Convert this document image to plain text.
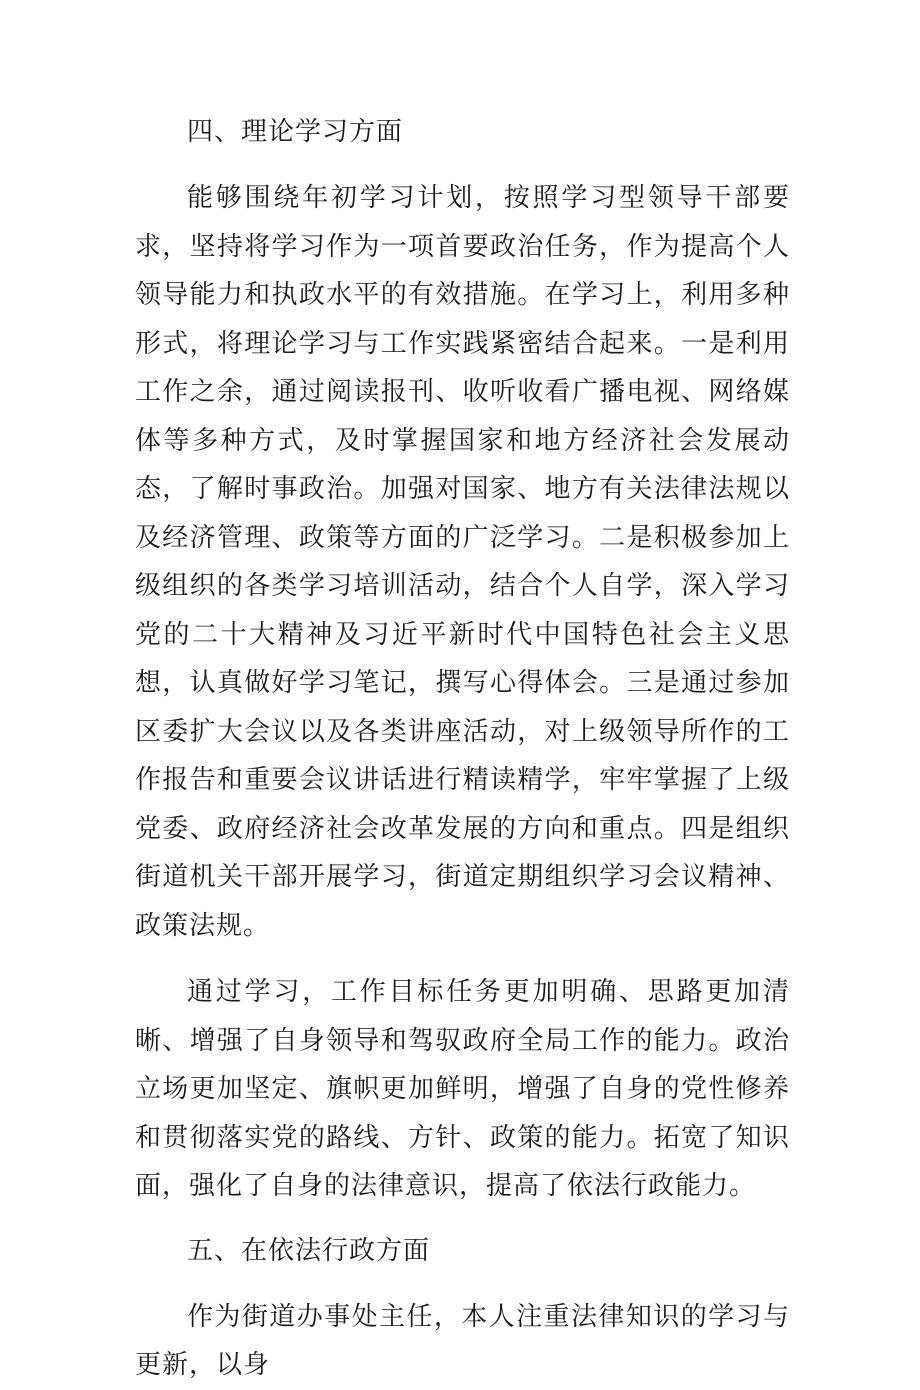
四、理论学习方面

能够围绕年初学习计划，按照学习型领导干部要求，坚持将学习作为一项首要政治任务，作为提高个人领导能力和执政水平的有效措施。在学习上，利用多种形式，将理论学习与工作实践紧密结合起来。一是利用工作之余，通过阅读报刊、收听收看广播电视、网络媒体等多种方式，及时掌握国家和地方经济社会发展动态，了解时事政治。加强对国家、地方有关法律法规以及经济管理、政策等方面的广泛学习。二是积极参加上级组织的各类学习培训活动，结合个人自学，深入学习党的二十大精神及习近平新时代中国特色社会主义思想，认真做好学习笔记，撰写心得体会。三是通过参加区委扩大会议以及各类讲座活动，对上级领导所作的工作报告和重要会议讲话进行精读精学，牢牢掌握了上级党委、政府经济社会改革发展的方向和重点。四是组织街道机关干部开展学习，街道定期组织学习会议精神、政策法规。

通过学习，工作目标任务更加明确、思路更加清晰、增强了自身领导和驾驭政府全局工作的能力。政治立场更加坚定、旗帜更加鲜明，增强了自身的党性修养和贯彻落实党的路线、方针、政策的能力。拓宽了知识面，强化了自身的法律意识，提高了依法行政能力。

五、在依法行政方面

作为街道办事处主任，本人注重法律知识的学习与更新，以身
